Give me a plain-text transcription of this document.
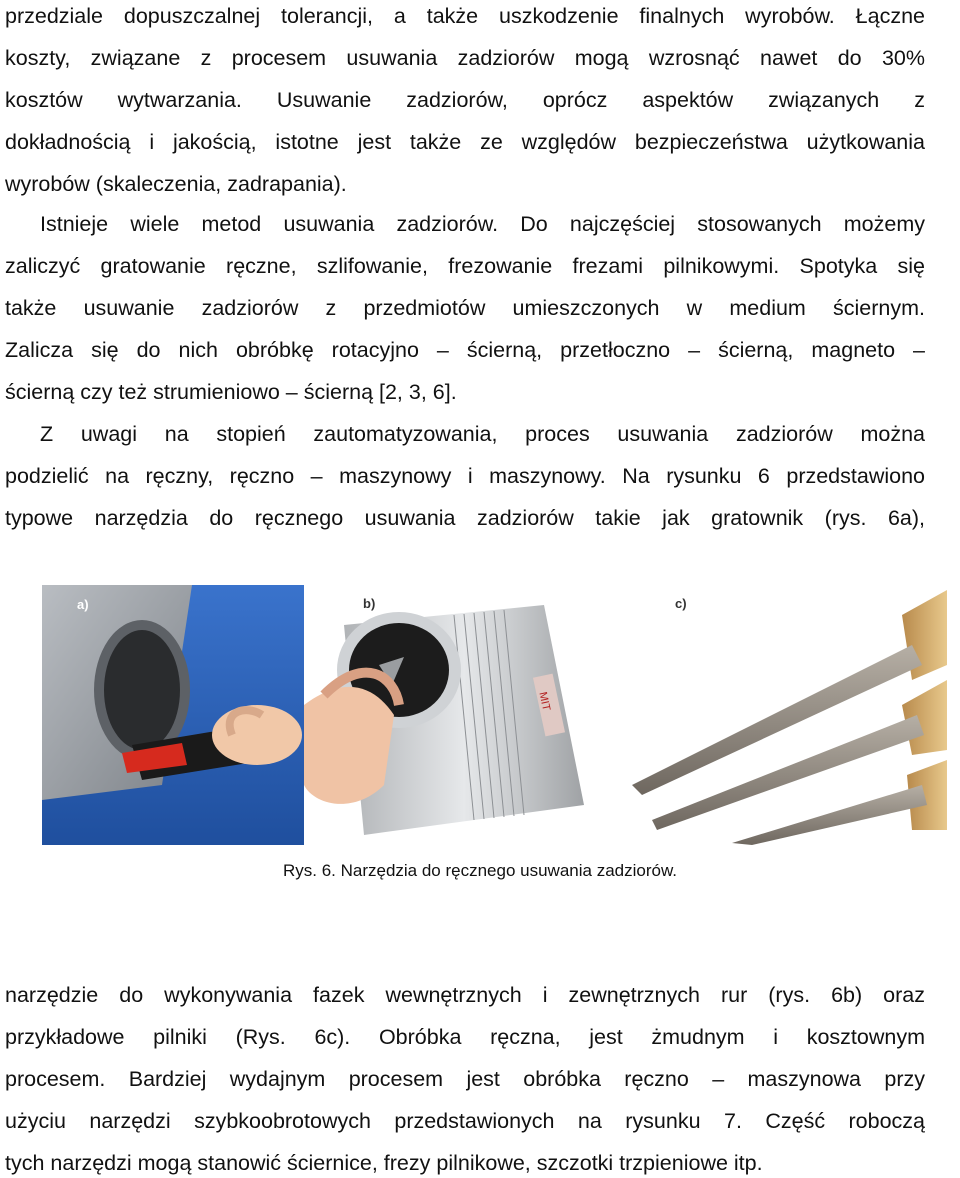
przedziale dopuszczalnej tolerancji, a także uszkodzenie finalnych wyrobów. Łączne
koszty, związane z procesem usuwania zadziorów mogą wzrosnąć nawet do 30%
kosztów wytwarzania. Usuwanie zadziorów, oprócz aspektów związanych z
dokładnością i jakością, istotne jest także ze względów bezpieczeństwa użytkowania
wyrobów (skaleczenia, zadrapania).
Istnieje wiele metod usuwania zadziorów. Do najczęściej stosowanych możemy
zaliczyć gratowanie ręczne, szlifowanie, frezowanie frezami pilnikowymi. Spotyka się
także usuwanie zadziorów z przedmiotów umieszczonych w medium ściernym.
Zalicza się do nich obróbkę rotacyjno – ścierną, przetłoczno – ścierną, magneto –
ścierną czy też strumieniowo – ścierną [2, 3, 6].
Z uwagi na stopień zautomatyzowania, proces usuwania zadziorów można
podzielić na ręczny, ręczno – maszynowy i maszynowy. Na rysunku 6 przedstawiono
typowe narzędzia do ręcznego usuwania zadziorów takie jak gratownik (rys. 6a),
a)
MIT
b)	c)
Rys. 6. Narzędzia do ręcznego usuwania zadziorów.
narzędzie do wykonywania fazek wewnętrznych i zewnętrznych rur (rys. 6b) oraz
przykładowe pilniki (Rys. 6c). Obróbka ręczna, jest żmudnym i kosztownym
procesem. Bardziej wydajnym procesem jest obróbka ręczno – maszynowa przy
użyciu narzędzi szybkoobrotowych przedstawionych na rysunku 7. Część roboczą
tych narzędzi mogą stanowić ściernice, frezy pilnikowe, szczotki trzpieniowe itp.
